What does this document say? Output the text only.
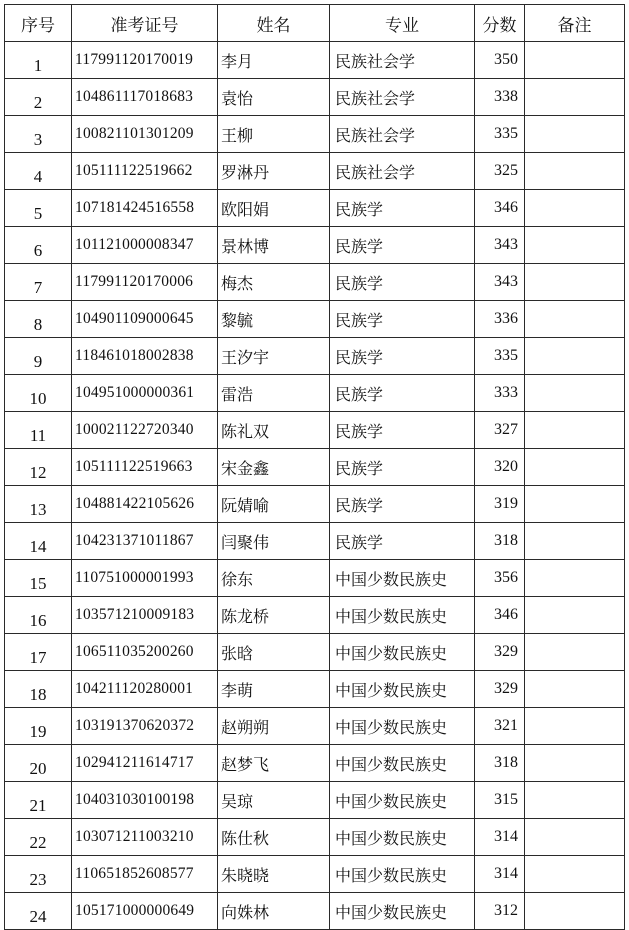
序号	准考证号	姓名	专业	分数	备注
1	117991120170019	李月	民族社会学	350	
2	104861117018683	袁怡	民族社会学	338	
3	100821101301209	王柳	民族社会学	335	
4	105111122519662	罗淋丹	民族社会学	325	
5	107181424516558	欧阳娟	民族学	346	
6	101121000008347	景林博	民族学	343	
7	117991120170006	梅杰	民族学	343	
8	104901109000645	黎毓	民族学	336	
9	118461018002838	王汐宇	民族学	335	
10	104951000000361	雷浩	民族学	333	
11	100021122720340	陈礼双	民族学	327	
12	105111122519663	宋金鑫	民族学	320	
13	104881422105626	阮婧喻	民族学	319	
14	104231371011867	闫聚伟	民族学	318	
15	110751000001993	徐东	中国少数民族史	356	
16	103571210009183	陈龙桥	中国少数民族史	346	
17	106511035200260	张晗	中国少数民族史	329	
18	104211120280001	李萌	中国少数民族史	329	
19	103191370620372	赵朔朔	中国少数民族史	321	
20	102941211614717	赵梦飞	中国少数民族史	318	
21	104031030100198	吴琼	中国少数民族史	315	
22	103071211003210	陈仕秋	中国少数民族史	314	
23	110651852608577	朱晓晓	中国少数民族史	314	
24	105171000000649	向姝林	中国少数民族史	312	
